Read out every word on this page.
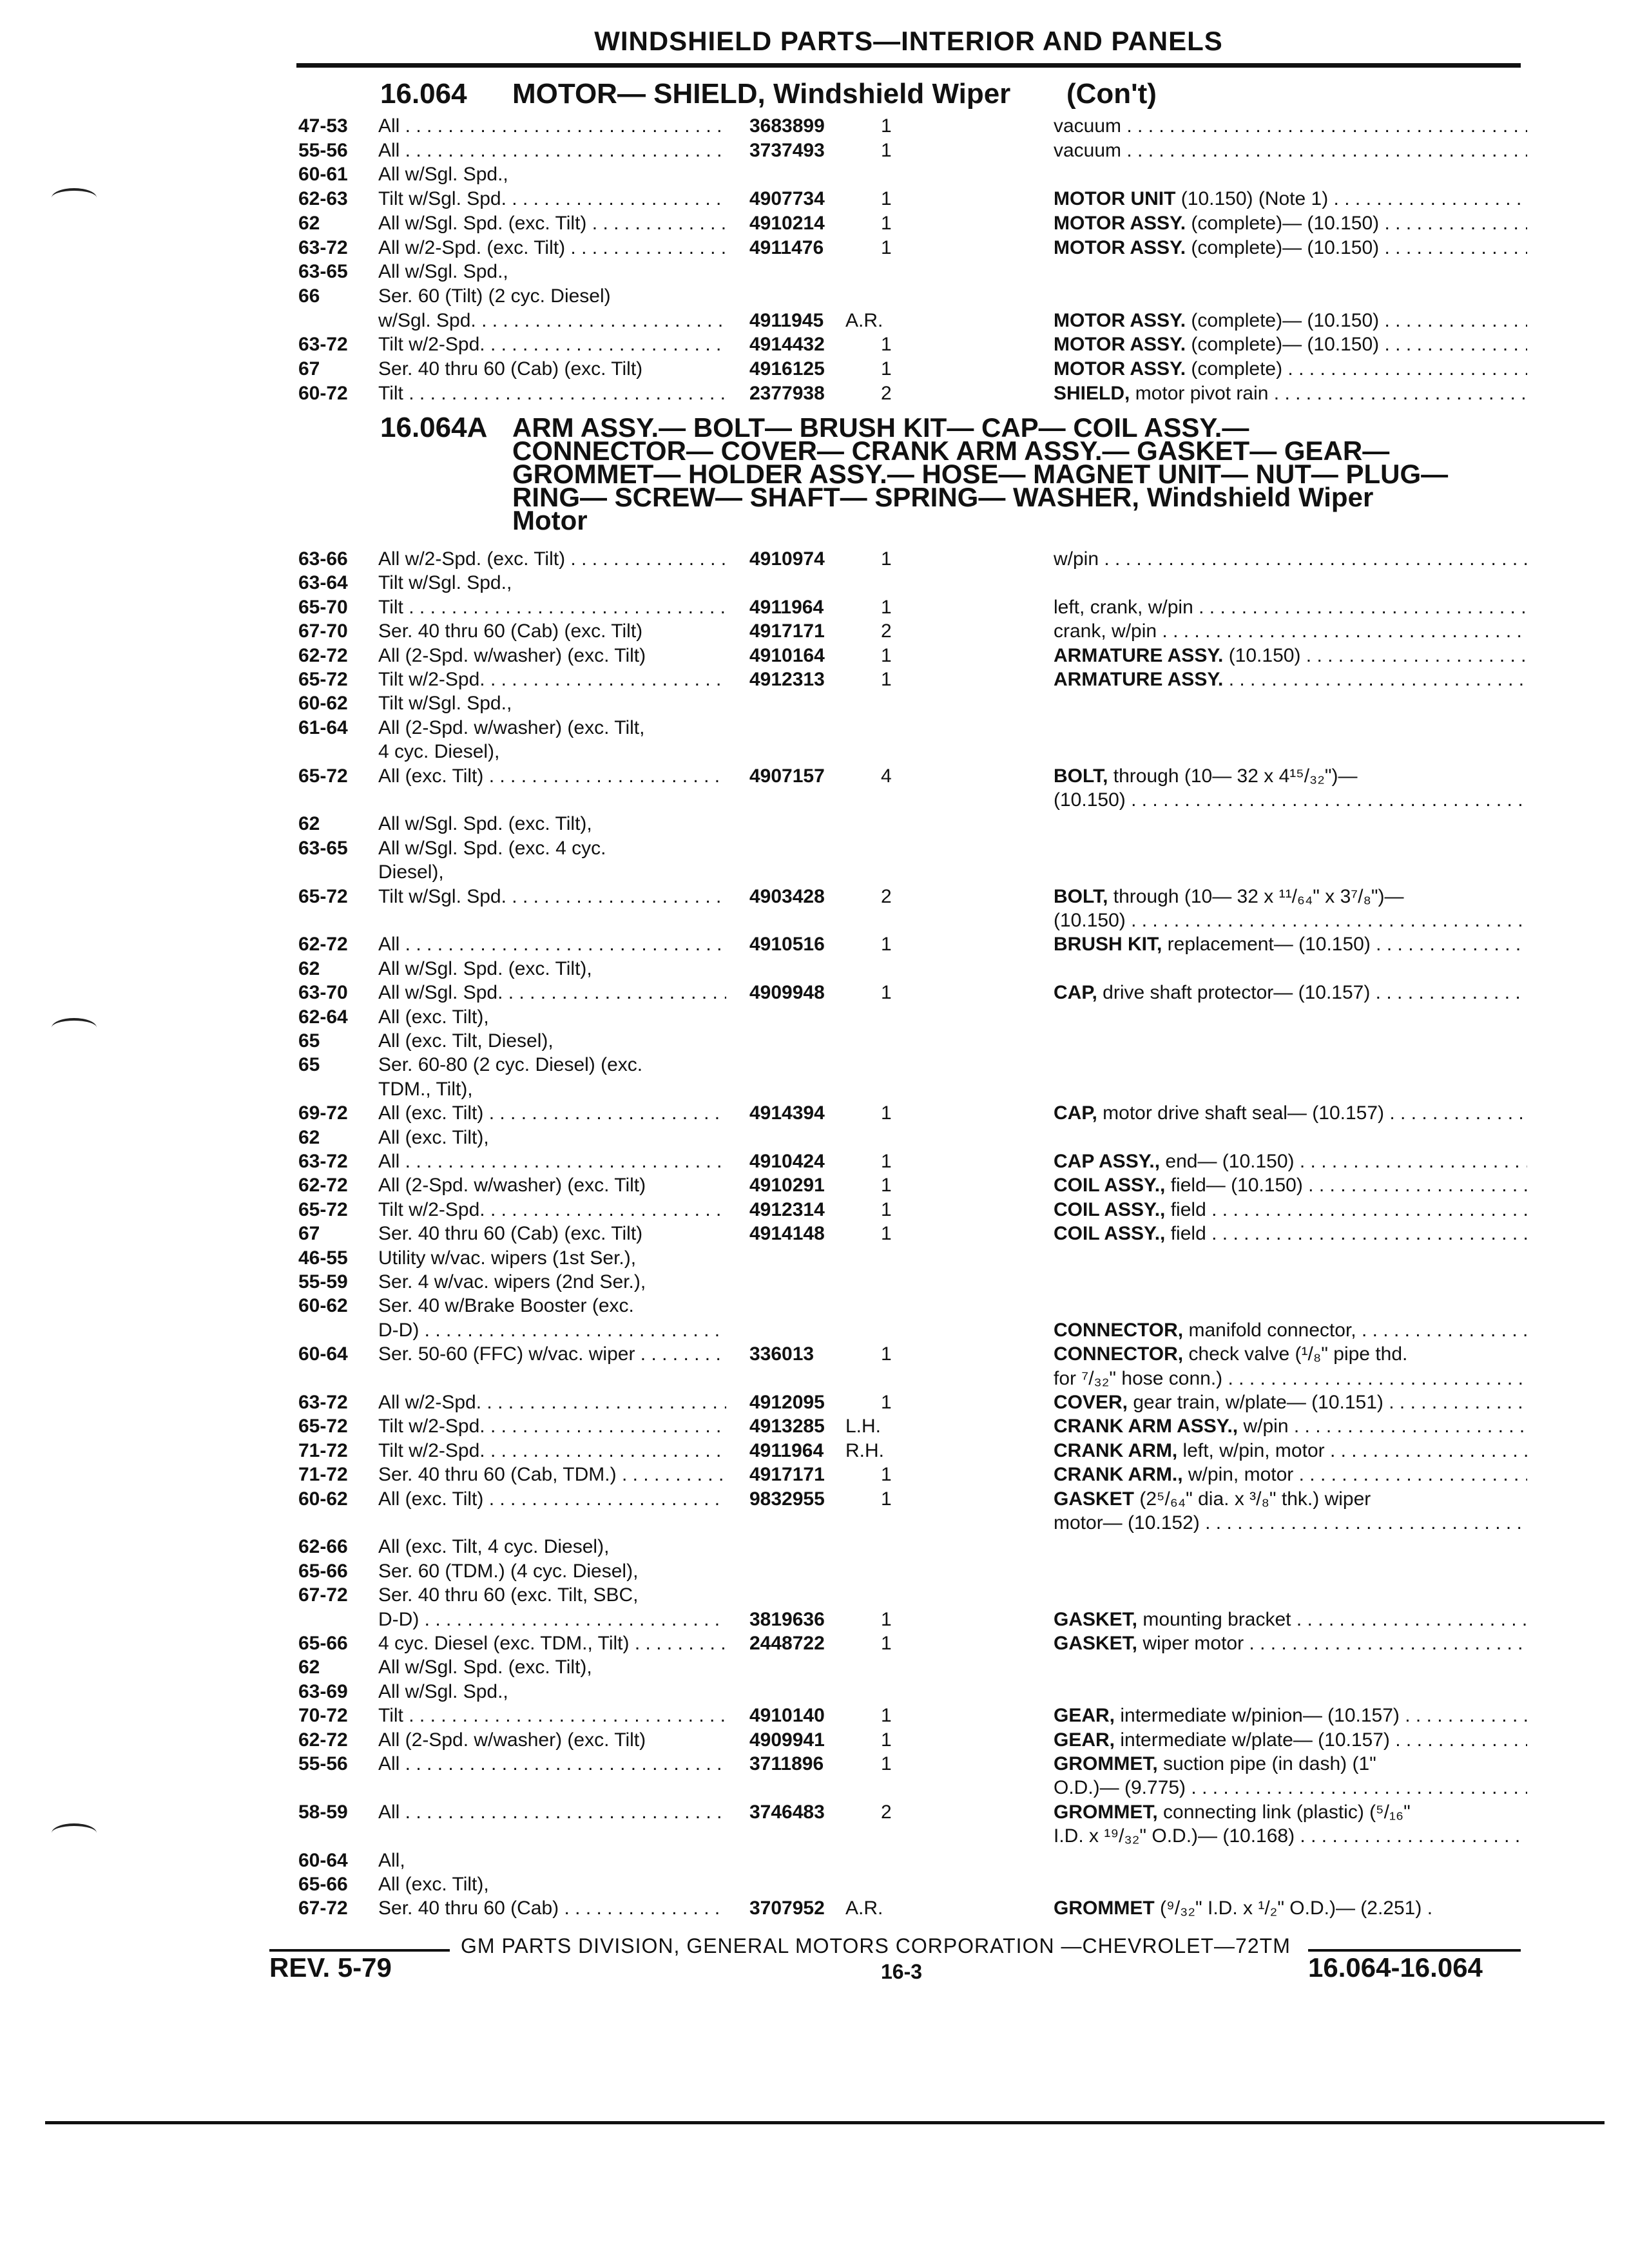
WINDSHIELD PARTS—INTERIOR AND PANELS
16.064 MOTOR— SHIELD, Windshield Wiper (Con't)
47-53 All . . .	3683899	1	vacuum . . .
55-56 All . . .	3737493	1	vacuum . . .
60-61 All w/Sgl. Spd.,
62-63 Tilt w/Sgl. Spd. . . .	4907734	1	MOTOR UNIT (10.150) (Note 1) . . .
62	All w/Sgl. Spd. (exc. Tilt) . . .	4910214	1	MOTOR ASSY. (complete)— (10.150) . . .
63-72 All w/2-Spd. (exc. Tilt) . . .	4911476	1	MOTOR ASSY. (complete)— (10.150) . . .
63-65 All w/Sgl. Spd.,
66	Ser. 60 (Tilt) (2 cyc. Diesel)
w/Sgl. Spd. . . .	4911945 A.R.	MOTOR ASSY. (complete)— (10.150) . . .
63-72 Tilt w/2-Spd. . . .	4914432	1	MOTOR ASSY. (complete)— (10.150) . . .
67	Ser. 40 thru 60 (Cab) (exc. Tilt)	4916125	1	MOTOR ASSY. (complete) . . .
60-72 Tilt . . .	2377938	2	SHIELD, motor pivot rain . . .
16.064A ARM ASSY.— BOLT— BRUSH KIT— CAP— COIL ASSY.—
CONNECTOR— COVER— CRANK ARM ASSY.— GASKET— GEAR—
GROMMET— HOLDER ASSY.— HOSE— MAGNET UNIT— NUT— PLUG—
RING— SCREW— SHAFT— SPRING— WASHER, Windshield Wiper
Motor
63-66 All w/2-Spd. (exc. Tilt) . . .	4910974	1	w/pin . . .
63-64 Tilt w/Sgl. Spd.,
65-70 Tilt . . .	4911964	1	left, crank, w/pin . . .
67-70 Ser. 40 thru 60 (Cab) (exc. Tilt)	4917171	2	crank, w/pin . . .
62-72 All (2-Spd. w/washer) (exc. Tilt)	4910164	1	ARMATURE ASSY. (10.150) . . .
65-72 Tilt w/2-Spd. . . .	4912313	1	ARMATURE ASSY. . . .
60-62 Tilt w/Sgl. Spd.,
61-64 All (2-Spd. w/washer) (exc. Tilt,
4 cyc. Diesel),
65-72 All (exc. Tilt) . . .	4907157	4	BOLT, through (10— 32 x 4¹⁵/₃₂")—
(10.150) . . .
62	All w/Sgl. Spd. (exc. Tilt),
63-65 All w/Sgl. Spd. (exc. 4 cyc.
Diesel),
65-72 Tilt w/Sgl. Spd. . . .	4903428	2	BOLT, through (10— 32 x ¹¹/₆₄" x 3⁷/₈")—
(10.150) . . .
62-72 All . . .	4910516	1	BRUSH KIT, replacement— (10.150) . . .
62	All w/Sgl. Spd. (exc. Tilt),
63-70 All w/Sgl. Spd. . . .	4909948	1	CAP, drive shaft protector— (10.157) . . .
62-64 All (exc. Tilt),
65	All (exc. Tilt, Diesel),
65	Ser. 60-80 (2 cyc. Diesel) (exc.
TDM., Tilt),
69-72 All (exc. Tilt) . . .	4914394	1	CAP, motor drive shaft seal— (10.157) . . .
62	All (exc. Tilt),
63-72 All . . .	4910424	1	CAP ASSY., end— (10.150) . . .
62-72 All (2-Spd. w/washer) (exc. Tilt)	4910291	1	COIL ASSY., field— (10.150) . . .
65-72 Tilt w/2-Spd. . . .	4912314	1	COIL ASSY., field . . .
67	Ser. 40 thru 60 (Cab) (exc. Tilt)	4914148	1	COIL ASSY., field . . .
46-55 Utility w/vac. wipers (1st Ser.),
55-59 Ser. 4 w/vac. wipers (2nd Ser.),
60-62 Ser. 40 w/Brake Booster (exc.
D-D) . . .	CONNECTOR, manifold connector, . . .
60-64 Ser. 50-60 (FFC) w/vac. wiper . . .	336013	1	CONNECTOR, check valve (¹/₈" pipe thd.
for ⁷/₃₂" hose conn.) . . .
63-72 All w/2-Spd. . . .	4912095	1	COVER, gear train, w/plate— (10.151) . . .
65-72 Tilt w/2-Spd. . . .	4913285 L.H.	CRANK ARM ASSY., w/pin . . .
71-72 Tilt w/2-Spd. . . .	4911964 R.H.	CRANK ARM, left, w/pin, motor . . .
71-72 Ser. 40 thru 60 (Cab, TDM.) . . .	4917171	1	CRANK ARM., w/pin, motor . . .
60-62 All (exc. Tilt) . . .	9832955	1	GASKET (2⁵/₆₄" dia. x ³/₈" thk.) wiper
motor— (10.152) . . .
62-66 All (exc. Tilt, 4 cyc. Diesel),
65-66 Ser. 60 (TDM.) (4 cyc. Diesel),
67-72 Ser. 40 thru 60 (exc. Tilt, SBC,
D-D) . . .	3819636	1	GASKET, mounting bracket . . .
65-66 4 cyc. Diesel (exc. TDM., Tilt) . . .	2448722	1	GASKET, wiper motor . . .
62	All w/Sgl. Spd. (exc. Tilt),
63-69 All w/Sgl. Spd.,
70-72 Tilt . . .	4910140	1	GEAR, intermediate w/pinion— (10.157) . . .
62-72 All (2-Spd. w/washer) (exc. Tilt)	4909941	1	GEAR, intermediate w/plate— (10.157) . . .
55-56 All . . .	3711896	1	GROMMET, suction pipe (in dash) (1"
O.D.)— (9.775) . . .
58-59 All . . .	3746483	2	GROMMET, connecting link (plastic) (⁵/₁₆"
I.D. x ¹⁹/₃₂" O.D.)— (10.168) . . .
60-64 All,
65-66 All (exc. Tilt),
67-72 Ser. 40 thru 60 (Cab) . . .	3707952 A.R.	GROMMET (⁹/₃₂" I.D. x ¹/₂" O.D.)— (2.251) .
GM PARTS DIVISION, GENERAL MOTORS CORPORATION —CHEVROLET—72TM
REV. 5-79	16-3	16.064-16.064
